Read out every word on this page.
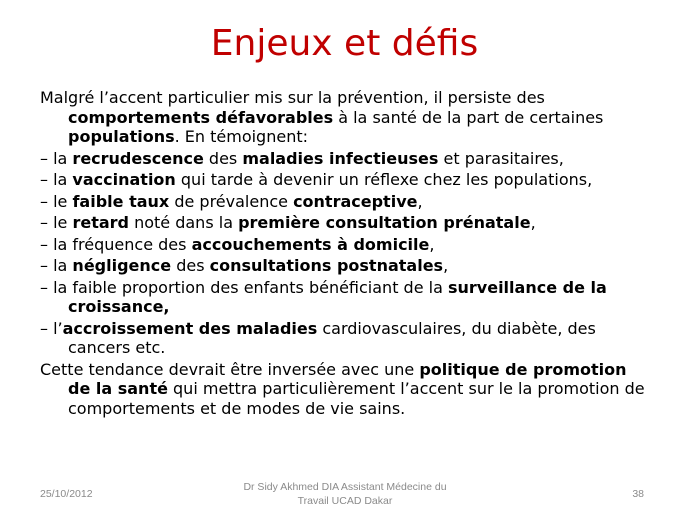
Enjeux et défis
Malgré l’accent particulier mis sur la prévention, il persiste des comportements défavorables à la santé de la part de certaines populations. En témoignent:
– la recrudescence des maladies infectieuses et parasitaires,
– la vaccination qui tarde à devenir un réflexe chez les populations,
– le faible taux de prévalence contraceptive,
– le retard noté dans la première consultation prénatale,
– la fréquence des accouchements à domicile,
– la négligence des consultations postnatales,
– la faible proportion des enfants bénéficiant de la surveillance de la croissance,
– l’accroissement des maladies cardiovasculaires, du diabète, des cancers etc.
Cette tendance devrait être inversée avec une politique de promotion de la santé qui mettra particulièrement l’accent sur le la promotion de comportements et de modes de vie sains.
25/10/2012
Dr Sidy Akhmed DIA Assistant Médecine du
Travail UCAD Dakar
38
